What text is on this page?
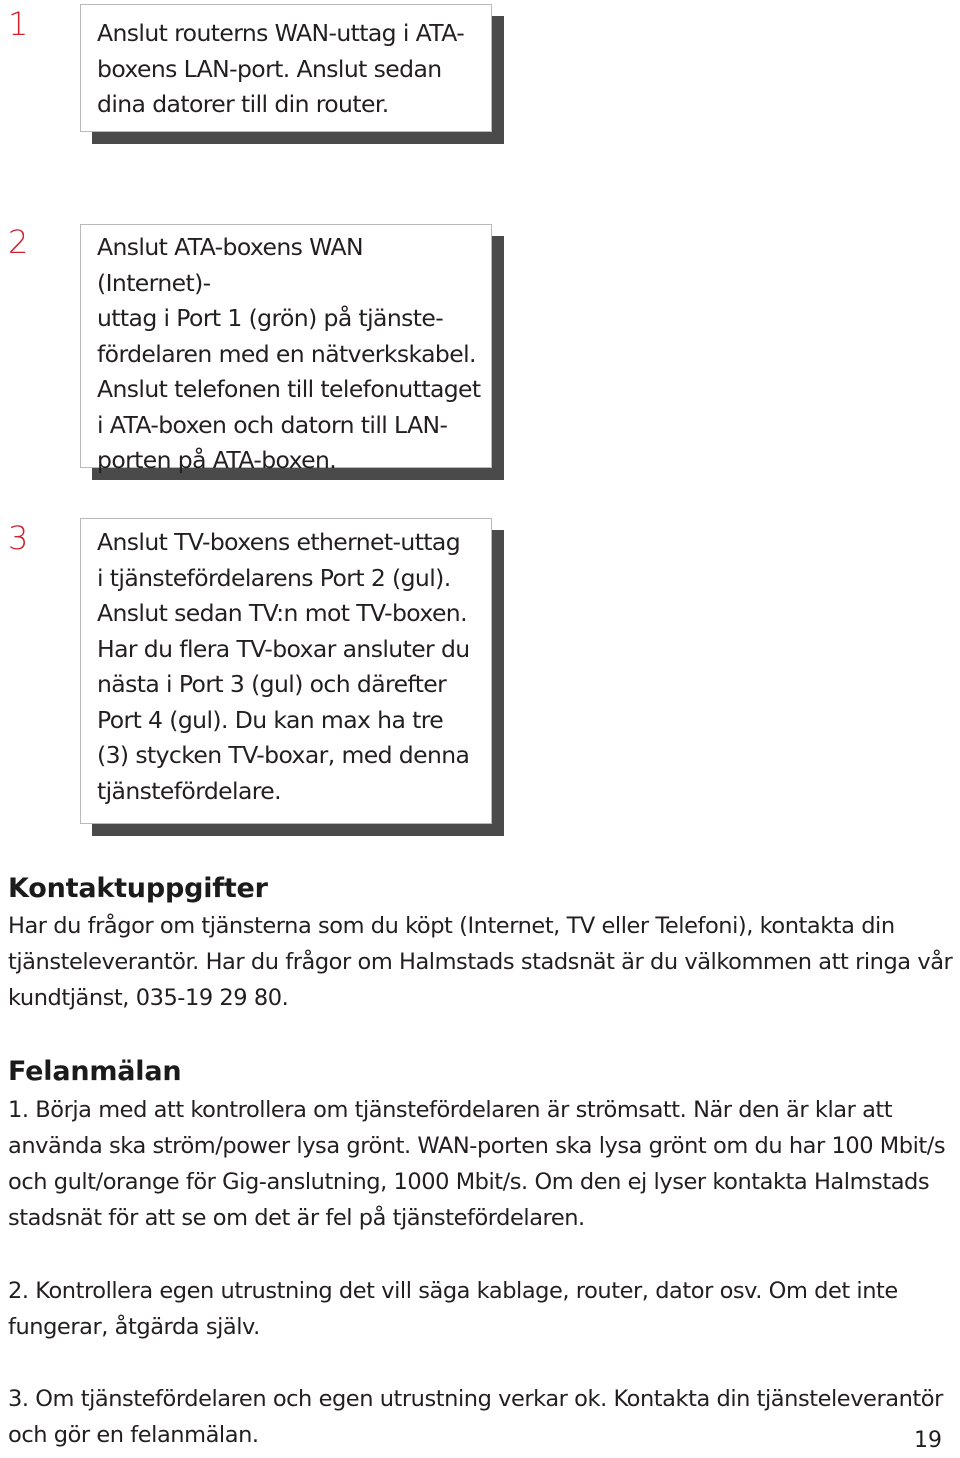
1	Anslut routerns WAN-uttag i ATA-
boxens LAN-port. Anslut sedan
dina datorer till din router.
2	Anslut ATA-boxens WAN (Internet)-
uttag i Port 1 (grön) på tjänste-
fördelaren med en nätverkskabel.
Anslut telefonen till telefonuttaget
i ATA-boxen och datorn till LAN-
porten på ATA-boxen.
3	Anslut TV-boxens ethernet-uttag
i tjänstefördelarens Port 2 (gul).
Anslut sedan TV:n mot TV-boxen.
Har du flera TV-boxar ansluter du
nästa i Port 3 (gul) och därefter
Port 4 (gul). Du kan max ha tre
(3) stycken TV-boxar, med denna
tjänstefördelare.
Kontaktuppgifter
Har du frågor om tjänsterna som du köpt (Internet, TV eller Telefoni), kontakta din
tjänsteleverantör. Har du frågor om Halmstads stadsnät är du välkommen att ringa vår
kundtjänst, 035-19 29 80.
Felanmälan
1. Börja med att kontrollera om tjänstefördelaren är strömsatt. När den är klar att
använda ska ström/power lysa grönt. WAN-porten ska lysa grönt om du har 100 Mbit/s
och gult/orange för Gig-anslutning, 1000 Mbit/s. Om den ej lyser kontakta Halmstads
stadsnät för att se om det är fel på tjänstefördelaren.
2. Kontrollera egen utrustning det vill säga kablage, router, dator osv. Om det inte
fungerar, åtgärda själv.
3. Om tjänstefördelaren och egen utrustning verkar ok. Kontakta din tjänsteleverantör
och gör en felanmälan.	19
